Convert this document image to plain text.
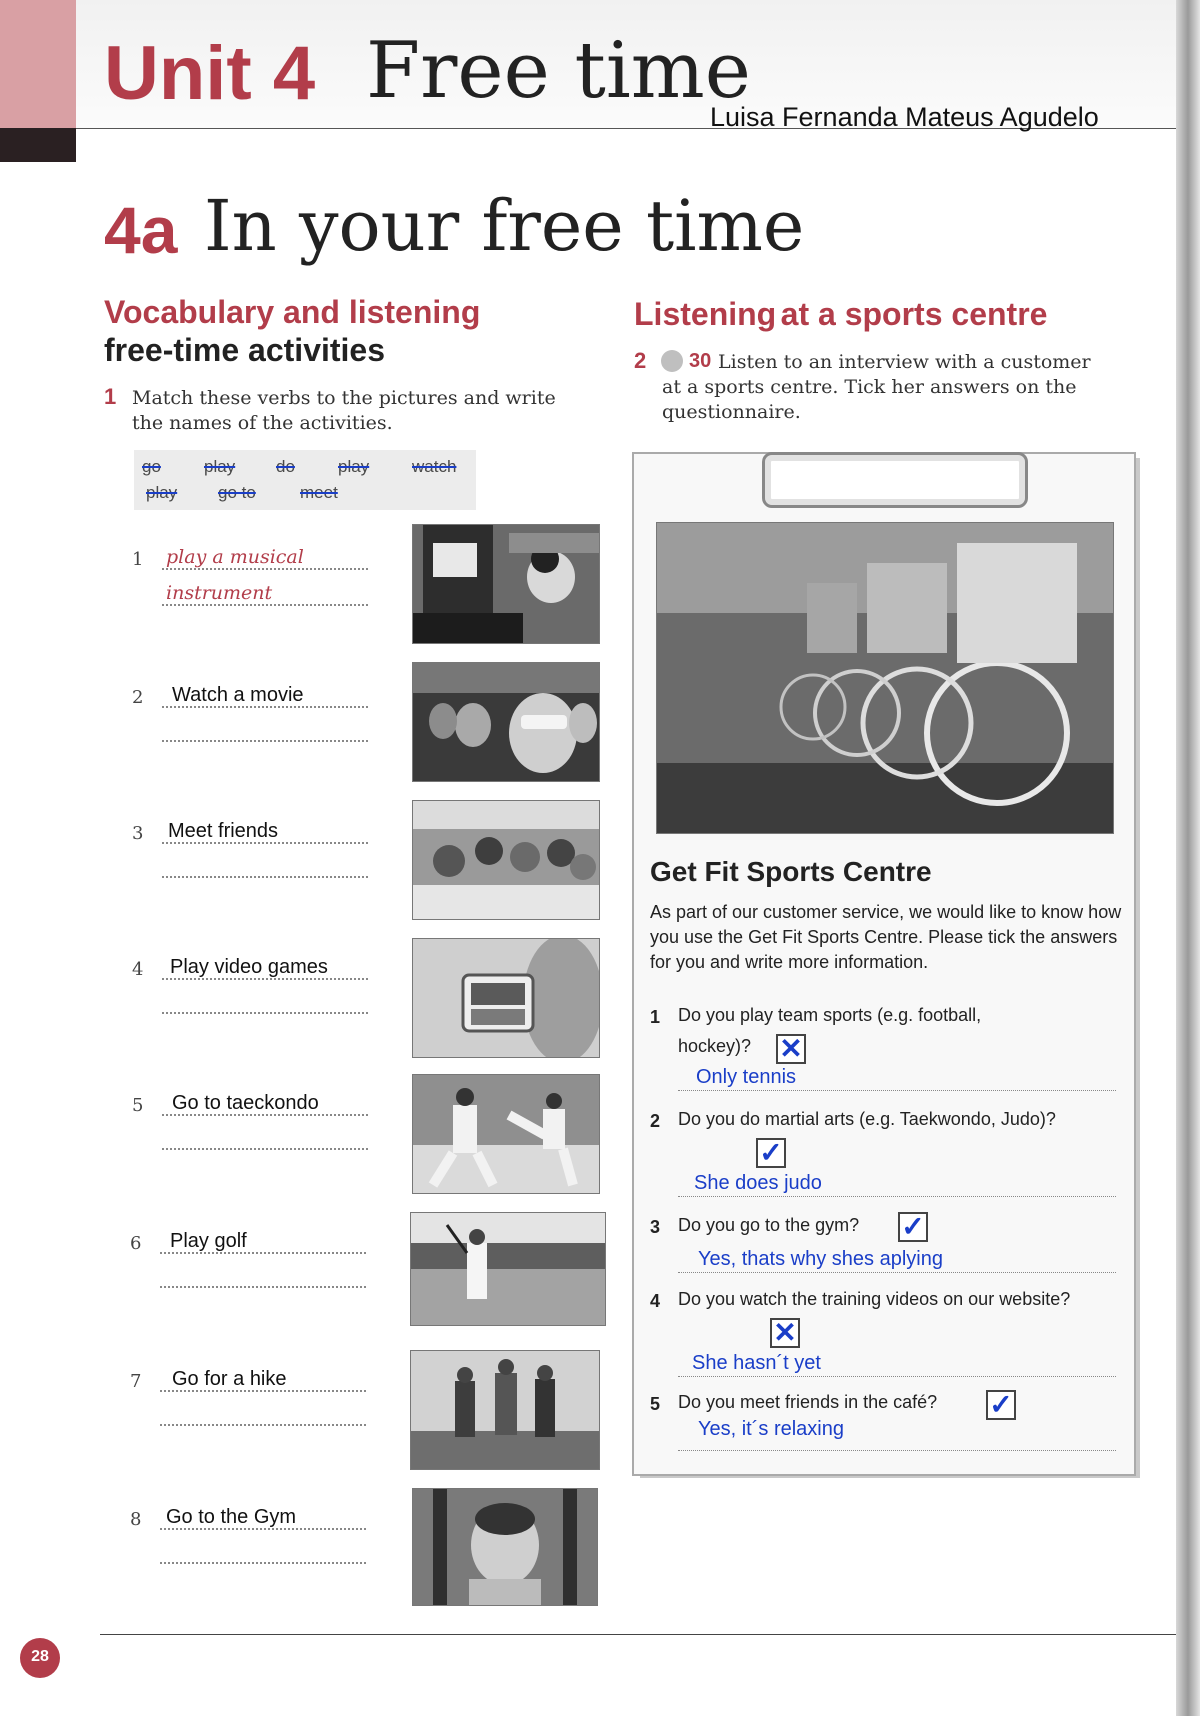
Unit 4 Free time
Luisa Fernanda Mateus Agudelo
4a In your free time
Vocabulary and listening
free-time activities
1 Match these verbs to the pictures and write the names of the activities.
go	play do	play	watch
play go to	meet
1 play a musical
instrument
2 Watch a movie
3 Meet friends
4 Play video games
5 Go to taeckondo
6 Play golf
7 Go for a hike
8 Go to the Gym
Listening at a sports centre
2	Listen to an interview with a customer at a sports centre. Tick her answers on the questionnaire.
30
Get Fit Sports Centre
As part of our customer service, we would like to know how you use the Get Fit Sports Centre. Please tick the answers for you and write more information.
1 Do you play team sports (e.g. football, hockey)?	✕
Only tennis
2 Do you do martial arts (e.g. Taekwondo, Judo)?
✓
She does judo
3 Do you go to the gym?	✓
Yes, thats why shes aplying
4 Do you watch the training videos on our website?
✕
She hasn´t yet
5 Do you meet friends in the café?	✓
Yes, it´s relaxing
28
